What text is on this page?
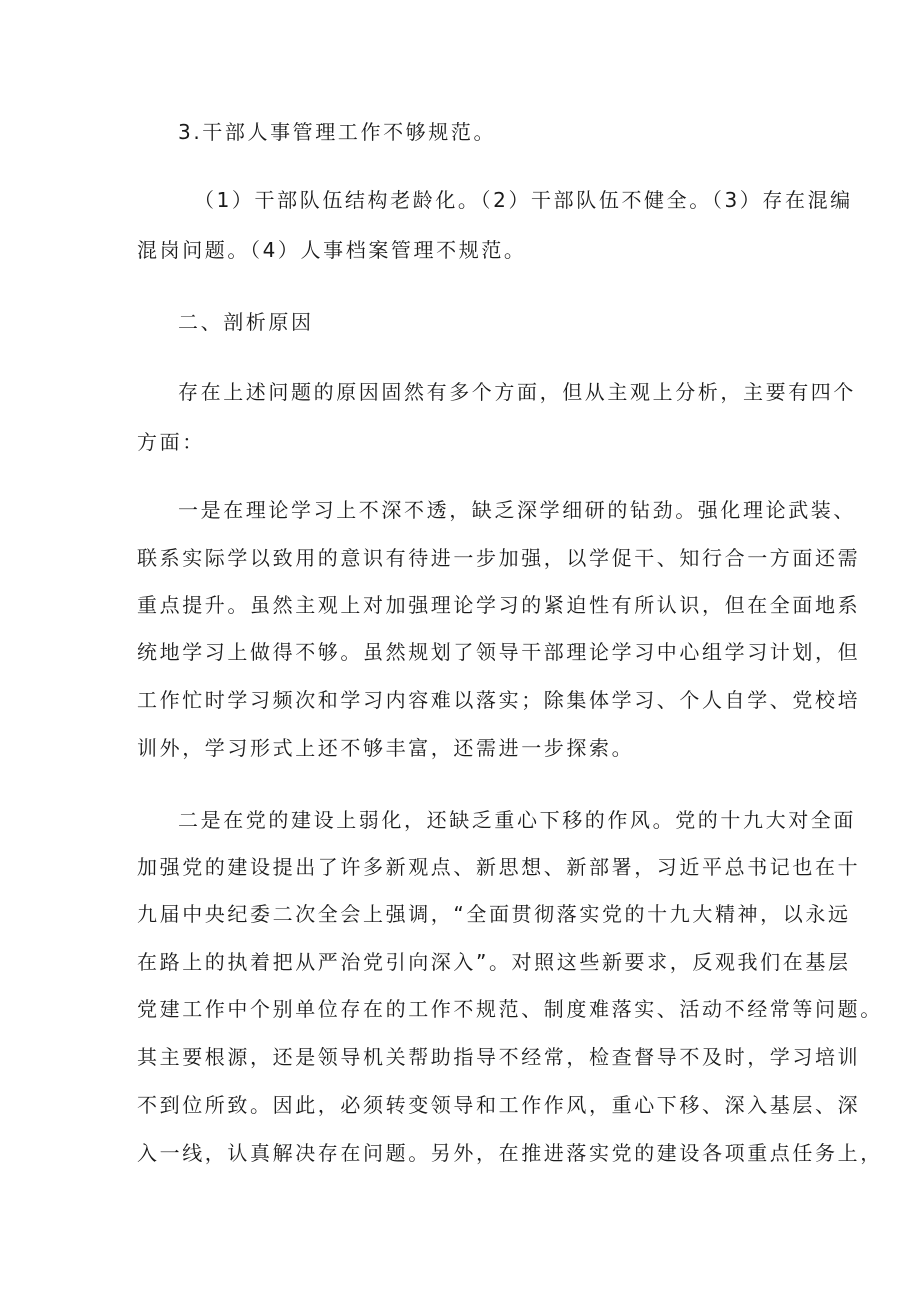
3.干部人事管理工作不够规范。
（1）干部队伍结构老龄化。（2）干部队伍不健全。（3）存在混编
混岗问题。（4）人事档案管理不规范。
二、剖析原因
存在上述问题的原因固然有多个方面，但从主观上分析，主要有四个
方面：
一是在理论学习上不深不透，缺乏深学细研的钻劲。强化理论武装、
联系实际学以致用的意识有待进一步加强，以学促干、知行合一方面还需
重点提升。虽然主观上对加强理论学习的紧迫性有所认识，但在全面地系
统地学习上做得不够。虽然规划了领导干部理论学习中心组学习计划，但
工作忙时学习频次和学习内容难以落实；除集体学习、个人自学、党校培
训外，学习形式上还不够丰富，还需进一步探索。
二是在党的建设上弱化，还缺乏重心下移的作风。党的十九大对全面
加强党的建设提出了许多新观点、新思想、新部署，习近平总书记也在十
九届中央纪委二次全会上强调，“全面贯彻落实党的十九大精神，以永远
在路上的执着把从严治党引向深入”。对照这些新要求，反观我们在基层
党建工作中个别单位存在的工作不规范、制度难落实、活动不经常等问题。
其主要根源，还是领导机关帮助指导不经常，检查督导不及时，学习培训
不到位所致。因此，必须转变领导和工作作风，重心下移、深入基层、深
入一线，认真解决存在问题。另外，在推进落实党的建设各项重点任务上，
